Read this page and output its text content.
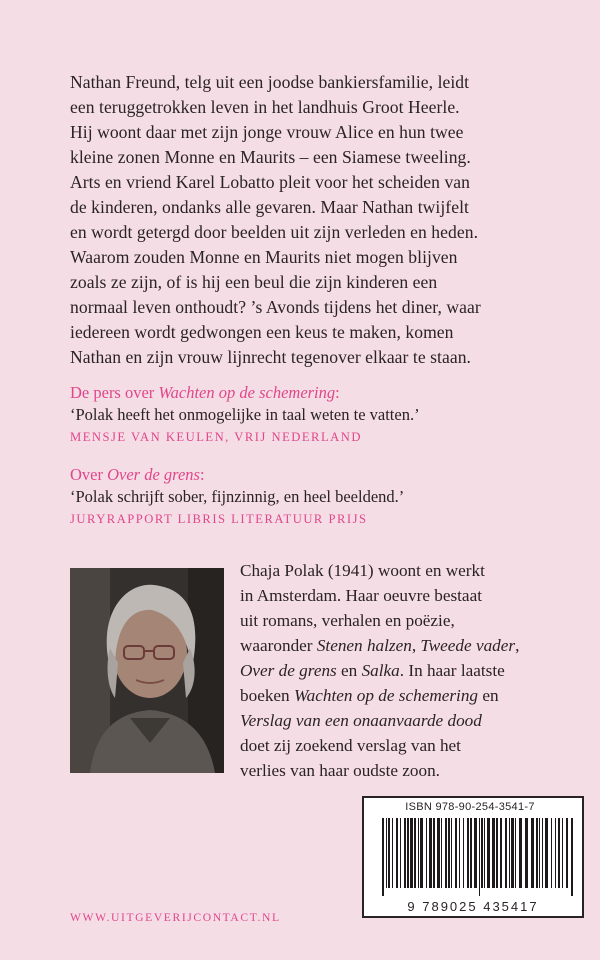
Nathan Freund, telg uit een joodse bankiersfamilie, leidt
een teruggetrokken leven in het landhuis Groot Heerle.
Hij woont daar met zijn jonge vrouw Alice en hun twee
kleine zonen Monne en Maurits – een Siamese tweeling.
Arts en vriend Karel Lobatto pleit voor het scheiden van
de kinderen, ondanks alle gevaren. Maar Nathan twijfelt
en wordt getergd door beelden uit zijn verleden en heden.
Waarom zouden Monne en Maurits niet mogen blijven
zoals ze zijn, of is hij een beul die zijn kinderen een
normaal leven onthoudt? ’s Avonds tijdens het diner, waar
iedereen wordt gedwongen een keus te maken, komen
Nathan en zijn vrouw lijnrecht tegenover elkaar te staan.
De pers over Wachten op de schemering:
‘Polak heeft het onmogelijke in taal weten te vatten.’
MENSJE VAN KEULEN, VRIJ NEDERLAND
Over Over de grens:
‘Polak schrijft sober, fijnzinnig, en heel beeldend.’
JURYRAPPORT LIBRIS LITERATUUR PRIJS
Chaja Polak (1941) woont en werkt
in Amsterdam. Haar oeuvre bestaat
uit romans, verhalen en poëzie,
waaronder Stenen halzen, Tweede vader,
Over de grens en Salka. In haar laatste
boeken Wachten op de schemering en
Verslag van een onaanvaarde dood
doet zij zoekend verslag van het
verlies van haar oudste zoon.
ISBN 978-90-254-3541-7
9 789025 435417
WWW.UITGEVERIJCONTACT.NL
